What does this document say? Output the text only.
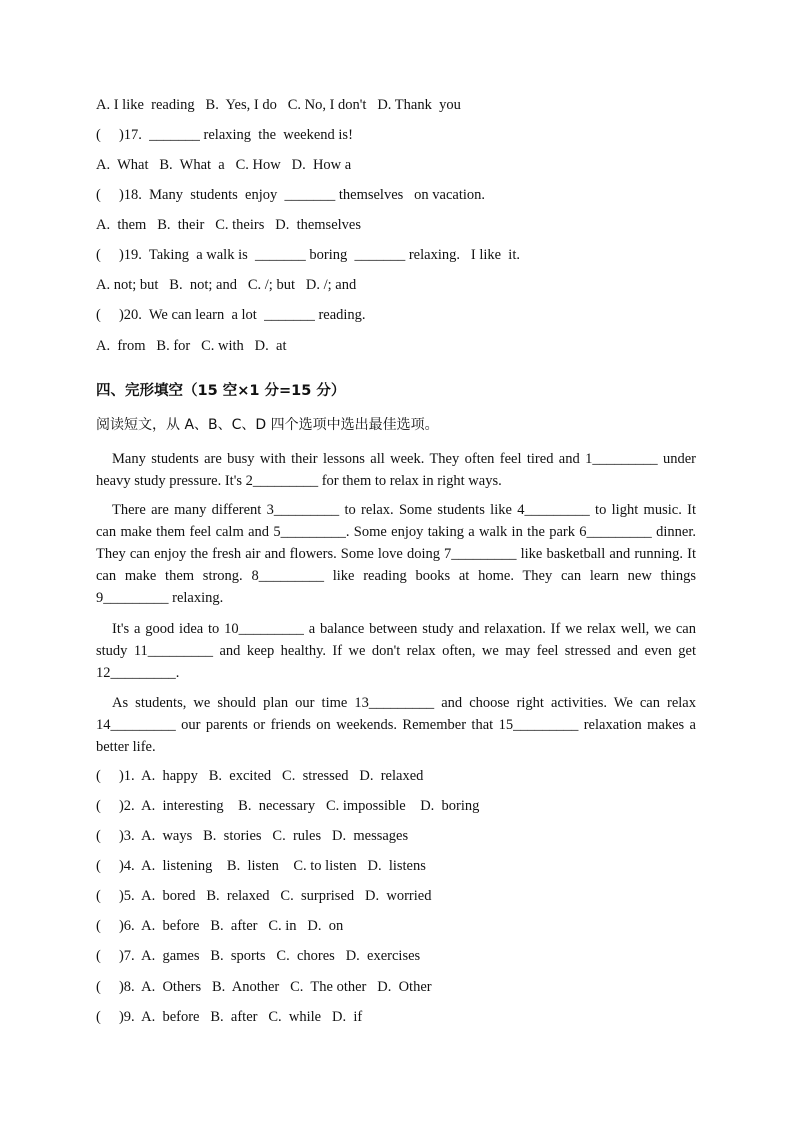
A. I like  reading   B.  Yes, I do   C. No, I don't   D. Thank  you
(     )17.  _______ relaxing  the  weekend is!
A.  What   B.  What  a   C. How   D.  How a
(     )18.  Many  students  enjoy  _______ themselves   on vacation.
A.  them   B.  their   C. theirs   D.  themselves
(     )19.  Taking  a walk is  _______ boring  _______ relaxing.   I like  it.
A. not; but   B.  not; and   C. /; but   D. /; and
(     )20.  We can learn  a lot  _______ reading.
A.  from   B. for   C. with   D.  at
四、完形填空（15 空×1 分=15 分）
阅读短文，从 A、B、C、D 四个选项中选出最佳选项。
Many students are busy with their lessons all week. They often feel tired and 1_________ under heavy study pressure. It's 2_________ for them to relax in right ways.
There are many different 3_________ to relax. Some students like 4_________ to light music. It can make them feel calm and 5_________. Some enjoy taking a walk in the park 6_________ dinner. They can enjoy the fresh air and flowers. Some love doing 7_________ like basketball and running. It can make them strong. 8_________ like reading books at home. They can learn new things 9_________ relaxing.
It's a good idea to 10_________ a balance between study and relaxation. If we relax well, we can study 11_________ and keep healthy. If we don't relax often, we may feel stressed and even get 12_________.
As students, we should plan our time 13_________ and choose right activities. We can relax 14_________ our parents or friends on weekends. Remember that 15_________ relaxation makes a better life.
(     )1.  A.  happy   B.  excited   C.  stressed   D.  relaxed
(     )2.  A.  interesting    B.  necessary   C. impossible    D.  boring
(     )3.  A.  ways   B.  stories   C.  rules   D.  messages
(     )4.  A.  listening    B.  listen    C. to listen   D.  listens
(     )5.  A.  bored   B.  relaxed   C.  surprised   D.  worried
(     )6.  A.  before   B.  after   C. in   D.  on
(     )7.  A.  games   B.  sports   C.  chores   D.  exercises
(     )8.  A.  Others   B.  Another   C.  The other   D.  Other
(     )9.  A.  before   B.  after   C.  while   D.  if
